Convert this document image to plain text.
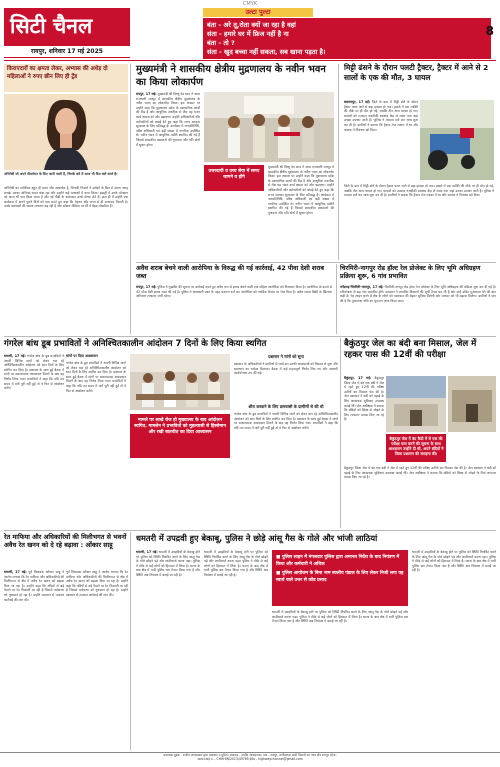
CMYK
सिटी चैनल
रायपुर, शनिवार 17 मई 2025
उल्टा पुल्टा
बंता - अरे तू,रोता क्यों जा रहा है वहां
संता - हमारे घर में फ्रिज नहीं है ना
बंता - तो ?
संता - खुद बच्चा नहीं सकता, सब खाना पड़ता है।
8
किराएदारों का क्षमता लेकर, अभ्यास की अधेड़ दो महिलाओं ने रुपए छीन लिए ही ट्रेंड

अभिनेत्री जो अपने दीवानेपन के लिए जानी जाती हैं, जिनके बारे में आज भी फैंस बातें करते हैं।

अभिनेत्री का व्यक्तित्व बहुत ही सरल और आकर्षक है, जिनकी फिल्मों ने दर्शकों के दिल में अलग जगह बनाई। उनका अभिनय सफर लंबा रहा और उन्होंने कई भाषाओं में काम किया। इंडस्ट्री में उनके योगदान को आज भी याद किया जाता है और नई पीढ़ी के कलाकार उनसे प्रेरणा लेते हैं। हाल ही में उन्होंने एक कार्यक्रम में अपने पुराने दिनों को याद करते हुए कहा कि मेहनत और लगन से ही सफलता मिलती है। उनके प्रशंसकों की संख्या लगातार बढ़ रही है और सोशल मीडिया पर भी वे बेहद लोकप्रिय हैं।

मुख्यमंत्री ने शासकीय क्षेत्रीय मुद्रणालय के नवीन भवन का किया लोकार्पण

रायपुर, 17 मई। मुख्यमंत्री श्री विष्णु देव साय ने आज राजधानी रायपुर में शासकीय क्षेत्रीय मुद्रणालय के नवीन भवन का लोकार्पण किया। इस अवसर पर उन्होंने कहा कि मुद्रणालय प्रदेश के प्रशासनिक कार्यों की रीढ़ है और आधुनिक तकनीक से लैस यह भवन कार्य क्षमता को और बढ़ाएगा। उन्होंने अधिकारियों और कर्मचारियों को बधाई देते हुए कहा कि राज्य सरकार सुशासन के लिए प्रतिबद्ध है। कार्यक्रम में जनप्रतिनिधि, वरिष्ठ अधिकारी एवं बड़ी संख्या में नागरिक उपस्थित थे। नवीन भवन में आधुनिक मशीनें स्थापित की गई हैं जिससे शासकीय प्रकाशनों की गुणवत्ता और गति दोनों में सुधार होगा।

उत्तरदायी व उच्च सेवा में समय जागने व होंगे

मुख्यमंत्री श्री विष्णु देव साय ने आज राजधानी रायपुर में शासकीय क्षेत्रीय मुद्रणालय के नवीन भवन का लोकार्पण किया। इस अवसर पर उन्होंने कहा कि मुद्रणालय प्रदेश के प्रशासनिक कार्यों की रीढ़ है और आधुनिक तकनीक से लैस यह भवन कार्य क्षमता को और बढ़ाएगा। उन्होंने अधिकारियों और कर्मचारियों को बधाई देते हुए कहा कि राज्य सरकार सुशासन के लिए प्रतिबद्ध है। कार्यक्रम में जनप्रतिनिधि, वरिष्ठ अधिकारी एवं बड़ी संख्या में नागरिक उपस्थित थे। नवीन भवन में आधुनिक मशीनें स्थापित की गई हैं जिससे शासकीय प्रकाशनों की गुणवत्ता और गति दोनों में सुधार होगा।

मिट्टी ढंसने के दौरान पलटी ट्रैक्टर, ट्रैक्टर में आने से 2 सालों के एक की मौत, 3 घायल

बलरामपुर, 17 मई। जिले के ग्राम में मिट्टी ढोने के दौरान ट्रैक्टर पलट जाने से बड़ा हादसा हो गया। हादसे में एक व्यक्ति की मौके पर ही मौत हो गई, जबकि तीन अन्य घायल हो गए। घायलों को तत्काल नजदीकी स्वास्थ्य केंद्र ले जाया गया जहां उनका उपचार जारी है। पुलिस ने मामला दर्ज कर जांच शुरू कर दी है। ग्रामीणों ने बताया कि ट्रैक्टर तेज रफ्तार में था और चालक ने नियंत्रण खो दिया।

जिले के ग्राम में मिट्टी ढोने के दौरान ट्रैक्टर पलट जाने से बड़ा हादसा हो गया। हादसे में एक व्यक्ति की मौके पर ही मौत हो गई, जबकि तीन अन्य घायल हो गए। घायलों को तत्काल नजदीकी स्वास्थ्य केंद्र ले जाया गया जहां उनका उपचार जारी है। पुलिस ने मामला दर्ज कर जांच शुरू कर दी है। ग्रामीणों ने बताया कि ट्रैक्टर तेज रफ्तार में था और चालक ने नियंत्रण खो दिया।

अवैध शराब बेचने वाली आरोपिया के विरुद्ध की गई कार्रवाई, 42 पीवा देशी शराब जब्त

रायपुर, 17 मई। पुलिस ने मुखबिर की सूचना पर कार्रवाई करते हुए अवैध रूप से शराब बेचने वाली एक महिला आरोपिया को गिरफ्तार किया है। आरोपिया के कब्जे से 42 पौवा देशी शराब जब्त की गई है। पुलिस ने आबकारी एक्ट के तहत प्रकरण दर्ज कर आरोपिया को न्यायिक रिमांड पर भेज दिया है। अवैध शराब बिक्री के खिलाफ अभियान लगातार जारी रहेगा।

चिरमिरी-नागपुर रोड हॉल्ट रेल प्रोजेक्ट के लिए भूमि अधिग्रहण प्रक्रिया शुरू, 6 गांव प्रभावित

मनेंद्रगढ़-चिरमिरी-भरतपुर, 17 मई। चिरमिरी-नागपुर रोड हॉल्ट रेल प्रोजेक्ट के लिए भूमि अधिग्रहण की प्रक्रिया शुरू कर दी गई है। परियोजना से छह गांव प्रभावित होंगे। प्रशासन ने प्रभावित किसानों की सूची तैयार कर ली है और उन्हें उचित मुआवजा देने की बात कही है। रेल लाइन बनने से क्षेत्र के लोगों को यातायात की बेहतर सुविधा मिलेगी और व्यापार को भी बढ़ावा मिलेगा। ग्रामीणों ने मांग की है कि मुआवजा राशि का भुगतान जल्द किया जाए।

गंगरेल बांध डूब प्रभावितों ने अनिश्चितकालीन आंदोलन 7 दिनों के लिए किया स्थगित

धमतरी, 17 मई। गंगरेल बांध के डूब प्रभावितों ने अपनी विभिन्न मांगों को लेकर चल रहे अनिश्चितकालीन आंदोलन को सात दिनों के लिए स्थगित कर दिया है। प्रशासन के साथ हुई बैठक में मांगों पर सकारात्मक आश्वासन मिलने के बाद यह निर्णय लिया गया। प्रभावितों ने कहा कि यदि तय समय में मांगें पूरी नहीं हुईं तो वे फिर से आंदोलन करेंगे।

मांगों पर दिया आश्वासन

गंगरेल बांध के डूब प्रभावितों ने अपनी विभिन्न मांगों को लेकर चल रहे अनिश्चितकालीन आंदोलन को सात दिनों के लिए स्थगित कर दिया है। प्रशासन के साथ हुई बैठक में मांगों पर सकारात्मक आश्वासन मिलने के बाद यह निर्णय लिया गया। प्रभावितों ने कहा कि यदि तय समय में मांगें पूरी नहीं हुईं तो वे फिर से आंदोलन करेंगे।

मामले पर लाखे रोज हो मुख्यालय के बाद आंदोलन स्थगित, मामलेन ने प्रभावितों को मुहल्यासी से हिस्सेमान और रखी बातचीत का दिया आश्वासन
प्रशासन ने मांगों को सुना

प्रशासन के अधिकारियों ने ग्रामीणों से चर्चा कर उनकी समस्याओं को विस्तार से सुना और समाधान का भरोसा दिलाया। बैठक में कई महत्वपूर्ण निर्णय लिए गए और आगामी कार्ययोजना तय की गई।

शीरा करवाने के लिए ग्रामवासी के ग्रामीणों से की थी

गंगरेल बांध के डूब प्रभावितों ने अपनी विभिन्न मांगों को लेकर चल रहे अनिश्चितकालीन आंदोलन को सात दिनों के लिए स्थगित कर दिया है। प्रशासन के साथ हुई बैठक में मांगों पर सकारात्मक आश्वासन मिलने के बाद यह निर्णय लिया गया। प्रभावितों ने कहा कि यदि तय समय में मांगें पूरी नहीं हुईं तो वे फिर से आंदोलन करेंगे।

बैकुंठपुर जेल का बंदी बना मिसाल, जेल में रहकर पास की 12वीं की परीक्षा

बैकुंठपुर, 17 मई। बैकुंठपुर जिला जेल में बंद एक बंदी ने जेल में रहते हुए 12वीं की परीक्षा उत्तीर्ण कर मिसाल पेश की है। जेल प्रशासन ने बंदी को पढ़ाई के लिए आवश्यक सुविधाएं उपलब्ध कराई थीं। जेल अधीक्षक ने बताया कि बंदियों को शिक्षा से जोड़ने के लिए लगातार प्रयास किए जा रहे हैं।

बैकुंठपुर जेल में बंद कैदी में से एक की परीक्षा पास करने की सूचना के साथ आश्वासन उन्होंने दी थी, अपने बंदियों ने जिला प्रशासन की सराहना की।

बैकुंठपुर जिला जेल में बंद एक बंदी ने जेल में रहते हुए 12वीं की परीक्षा उत्तीर्ण कर मिसाल पेश की है। जेल प्रशासन ने बंदी को पढ़ाई के लिए आवश्यक सुविधाएं उपलब्ध कराई थीं। जेल अधीक्षक ने बताया कि बंदियों को शिक्षा से जोड़ने के लिए लगातार प्रयास किए जा रहे हैं।

रेत माफिया और अधिकारियों की मिलीभगत से भवनों अवैध रेत खनन को दे रहे बढ़ावा : ओंकार साहू

धमतरी, 17 मई। पूर्व विधायक ओंकार साहू ने आरोप लगाया कि रेत माफिया और अधिकारियों की मिलीभगत से क्षेत्र में अवैध रेत खनन को बढ़ावा दिया जा रहा है। उन्होंने कहा कि नदियों से बड़े पैमाने पर रेत निकाली जा रही है जिससे पर्यावरण को नुकसान हो रहा है। उन्होंने प्रशासन से तत्काल कार्रवाई की मांग की।

पूर्व विधायक ओंकार साहू ने आरोप लगाया कि रेत माफिया और अधिकारियों की मिलीभगत से क्षेत्र में अवैध रेत खनन को बढ़ावा दिया जा रहा है। उन्होंने कहा कि नदियों से बड़े पैमाने पर रेत निकाली जा रही है जिससे पर्यावरण को नुकसान हो रहा है। उन्होंने प्रशासन से तत्काल कार्रवाई की मांग की।

धमतरी में उपद्रवी हुए बेकाबू, पुलिस ने छोड़े आंसू गैस के गोले और भांजी लाठियां

धमतरी, 17 मई। धमतरी में उपद्रवियों के बेकाबू होने पर पुलिस को स्थिति नियंत्रित करने के लिए आंसू गैस के गोले छोड़ने पड़े और लाठीचार्ज करना पड़ा। पुलिस ने मौके से कई लोगों को हिरासत में लिया है। घटना के बाद क्षेत्र में भारी पुलिस बल तैनात किया गया है और स्थिति अब नियंत्रण में बताई जा रही है।

धमतरी में उपद्रवियों के बेकाबू होने पर पुलिस को स्थिति नियंत्रित करने के लिए आंसू गैस के गोले छोड़ने पड़े और लाठीचार्ज करना पड़ा। पुलिस ने मौके से कई लोगों को हिरासत में लिया है। घटना के बाद क्षेत्र में भारी पुलिस बल तैनात किया गया है और स्थिति अब नियंत्रण में बताई जा रही है।

■ पुलिस लाइन में मंगलवार पुलिस द्वारा अमानत निर्देश के बाद नियंत्रण में किया और कर्मचारी ने अधिक
■ पुलिस आयोजन के बिना नाम स्थलीय पंडाल के लिए लेकर निजी लगा यह स्वार्थ वाले उत्तर से कोड प्रसाद

धमतरी में उपद्रवियों के बेकाबू होने पर पुलिस को स्थिति नियंत्रित करने के लिए आंसू गैस के गोले छोड़ने पड़े और लाठीचार्ज करना पड़ा। पुलिस ने मौके से कई लोगों को हिरासत में लिया है। घटना के बाद क्षेत्र में भारी पुलिस बल तैनात किया गया है और स्थिति अब नियंत्रण में बताई जा रही है।

धमतरी में उपद्रवियों के बेकाबू होने पर पुलिस को स्थिति नियंत्रित करने के लिए आंसू गैस के गोले छोड़ने पड़े और लाठीचार्ज करना पड़ा। पुलिस ने मौके से कई लोगों को हिरासत में लिया है। घटना के बाद क्षेत्र में भारी पुलिस बल तैनात किया गया है और स्थिति अब नियंत्रण में बताई जा रही है।

प्रकाशक मुद्रक - राजीव जायसवाल द्वारा प्रकाशन व मुद्रित। संपादक - राजीव जायसवाल। पता - रायपुर, छत्तीसगढ़। सभी विवादों का न्याय क्षेत्र रायपुर रहेगा।
आरएनआई नं. - CHHHIN/2013/49765 ईमेल - highwaychannel@gmail.com
